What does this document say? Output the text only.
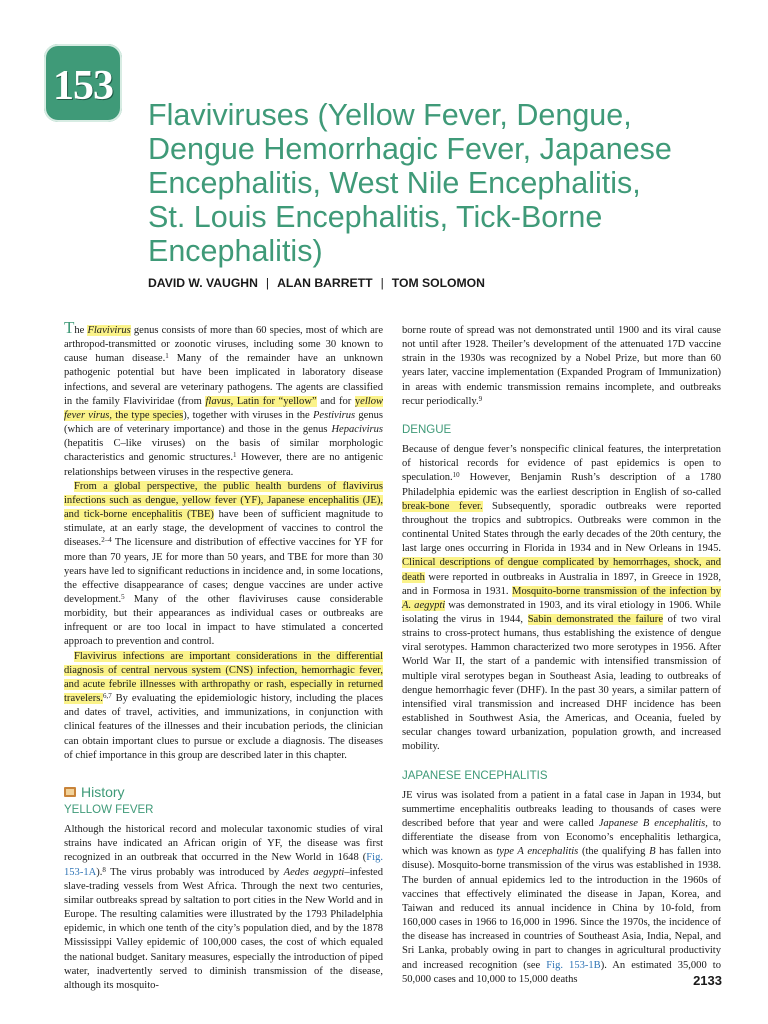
153
Flaviviruses (Yellow Fever, Dengue,
Dengue Hemorrhagic Fever, Japanese
Encephalitis, West Nile Encephalitis,
St. Louis Encephalitis, Tick-Borne
Encephalitis)
DAVID W. VAUGHN | ALAN BARRETT | TOM SOLOMON

The Flavivirus genus consists of more than 60 species, most of which are arthropod-transmitted or zoonotic viruses, including some 30 known to cause human disease.$^1$ Many of the remainder have an unknown pathogenic potential but have been implicated in laboratory disease infections, and several are veterinary pathogens. The agents are classified in the family Flaviviridae (from flavus, Latin for “yellow” and for yellow fever virus, the type species), together with viruses in the Pestivirus genus (which are of veterinary importance) and those in the genus Hepacivirus (hepatitis C–like viruses) on the basis of similar morphologic characteristics and genomic structures.$^1$ However, there are no antigenic relationships between viruses in the respective genera.

From a global perspective, the public health burdens of flavivirus infections such as dengue, yellow fever (YF), Japanese encephalitis (JE), and tick-borne encephalitis (TBE) have been of sufficient magnitude to stimulate, at an early stage, the development of vaccines to control the diseases.$^{2-4}$ The licensure and distribution of effective vaccines for YF for more than 70 years, JE for more than 50 years, and TBE for more than 30 years have led to significant reductions in incidence and, in some locations, the effective disappearance of cases; dengue vaccines are under active development.$^5$ Many of the other flaviviruses cause considerable morbidity, but their appearances as individual cases or outbreaks are infrequent or are too local in impact to have stimulated a concerted approach to prevention and control.

Flavivirus infections are important considerations in the differential diagnosis of central nervous system (CNS) infection, hemorrhagic fever, and acute febrile illnesses with arthropathy or rash, especially in returned travelers.$^{6,7}$ By evaluating the epidemiologic history, including the places and dates of travel, activities, and immunizations, in conjunction with clinical features of the illnesses and their incubation periods, the clinician can obtain important clues to pursue or exclude a diagnosis. The diseases of chief importance in this group are described later in this chapter.

History
YELLOW FEVER

Although the historical record and molecular taxonomic studies of viral strains have indicated an African origin of YF, the disease was first recognized in an outbreak that occurred in the New World in 1648 (Fig. 153-1A).$^8$ The virus probably was introduced by Aedes aegypti–infested slave-trading vessels from West Africa. Through the next two centuries, similar outbreaks spread by saltation to port cities in the New World and in Europe. The resulting calamities were illustrated by the 1793 Philadelphia epidemic, in which one tenth of the city’s population died, and by the 1878 Mississippi Valley epidemic of 100,000 cases, the cost of which equaled the national budget. Sanitary measures, especially the introduction of piped water, inadvertently served to diminish transmission of the disease, although its mosquito-

borne route of spread was not demonstrated until 1900 and its viral cause not until after 1928. Theiler’s development of the attenuated 17D vaccine strain in the 1930s was recognized by a Nobel Prize, but more than 60 years later, vaccine implementation (Expanded Program of Immunization) in areas with endemic transmission remains incomplete, and outbreaks recur periodically.$^9$

DENGUE

Because of dengue fever’s nonspecific clinical features, the interpretation of historical records for evidence of past epidemics is open to speculation.$^{10}$ However, Benjamin Rush’s description of a 1780 Philadelphia epidemic was the earliest description in English of so-called break-bone fever. Subsequently, sporadic outbreaks were reported throughout the tropics and subtropics. Outbreaks were common in the continental United States through the early decades of the 20th century, the last large ones occurring in Florida in 1934 and in New Orleans in 1945. Clinical descriptions of dengue complicated by hemorrhages, shock, and death were reported in outbreaks in Australia in 1897, in Greece in 1928, and in Formosa in 1931. Mosquito-borne transmission of the infection by A. aegypti was demonstrated in 1903, and its viral etiology in 1906. While isolating the virus in 1944, Sabin demonstrated the failure of two viral strains to cross-protect humans, thus establishing the existence of dengue viral serotypes. Hammon characterized two more serotypes in 1956. After World War II, the start of a pandemic with intensified transmission of multiple viral serotypes began in Southeast Asia, leading to outbreaks of dengue hemorrhagic fever (DHF). In the past 30 years, a similar pattern of intensified viral transmission and increased DHF incidence has been established in Southwest Asia, the Americas, and Oceania, fueled by secular changes toward urbanization, population growth, and increased mobility.

JAPANESE ENCEPHALITIS

JE virus was isolated from a patient in a fatal case in Japan in 1934, but summertime encephalitis outbreaks leading to thousands of cases were described before that year and were called Japanese B encephalitis, to differentiate the disease from von Economo’s encephalitis lethargica, which was known as type A encephalitis (the qualifying B has fallen into disuse). Mosquito-borne transmission of the virus was established in 1938. The burden of annual epidemics led to the introduction in the 1960s of vaccines that effectively eliminated the disease in Japan, Korea, and Taiwan and reduced its annual incidence in China by 10-fold, from 160,000 cases in 1966 to 16,000 in 1996. Since the 1970s, the incidence of the disease has increased in countries of Southeast Asia, India, Nepal, and Sri Lanka, probably owing in part to changes in agricultural productivity and increased recognition (see Fig. 153-1B). An estimated 35,000 to 50,000 cases and 10,000 to 15,000 deaths	2133
